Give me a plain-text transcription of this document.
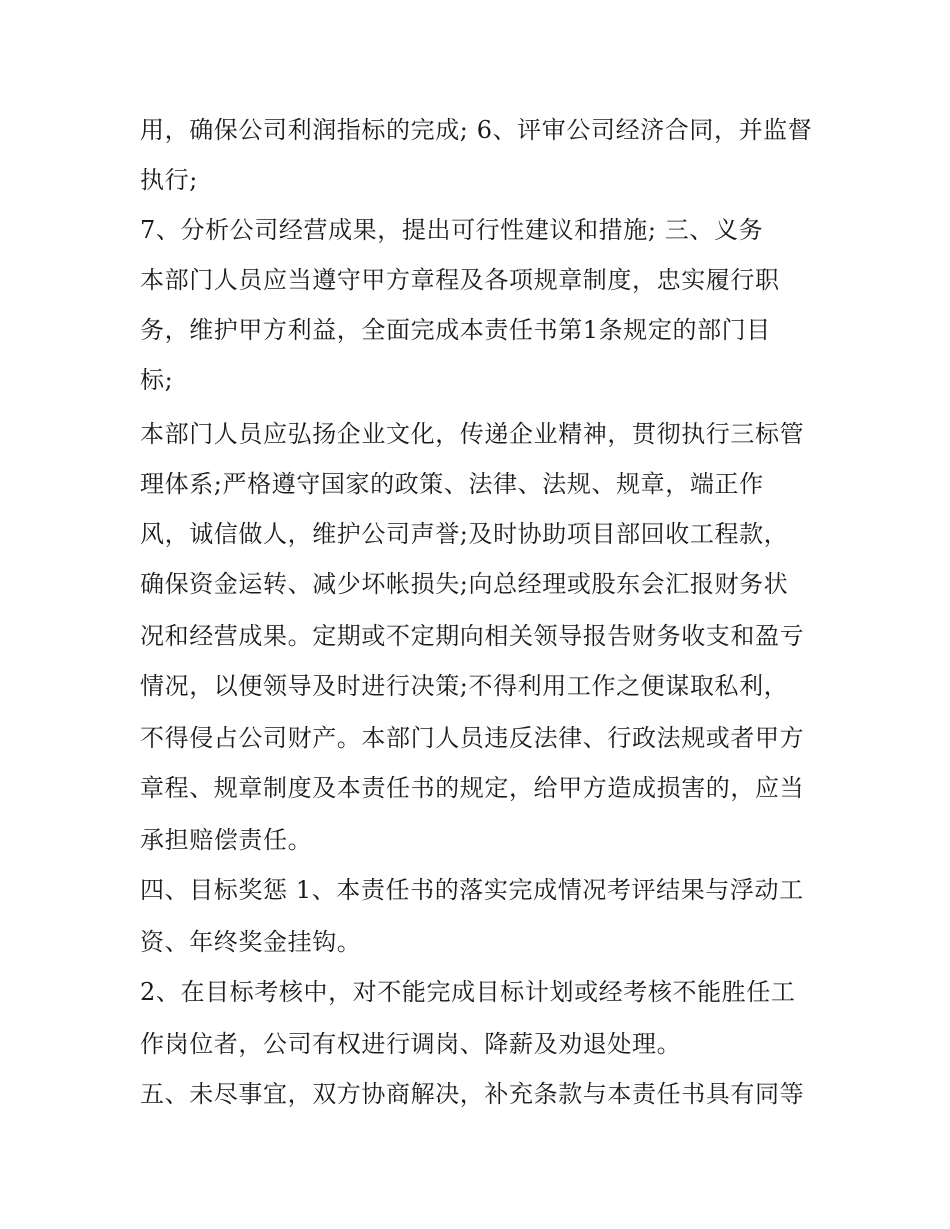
用，确保公司利润指标的完成; 6、评审公司经济合同，并监督
执行;
7、分析公司经营成果，提出可行性建议和措施; 三、义务
本部门人员应当遵守甲方章程及各项规章制度，忠实履行职
务，维护甲方利益，全面完成本责任书第1条规定的部门目
标;
本部门人员应弘扬企业文化，传递企业精神，贯彻执行三标管
理体系;严格遵守国家的政策、法律、法规、规章，端正作
风，诚信做人，维护公司声誉;及时协助项目部回收工程款，
确保资金运转、减少坏帐损失;向总经理或股东会汇报财务状
况和经营成果。定期或不定期向相关领导报告财务收支和盈亏
情况，以便领导及时进行决策;不得利用工作之便谋取私利，
不得侵占公司财产。本部门人员违反法律、行政法规或者甲方
章程、规章制度及本责任书的规定，给甲方造成损害的，应当
承担赔偿责任。
四、目标奖惩 1、本责任书的落实完成情况考评结果与浮动工
资、年终奖金挂钩。
2、在目标考核中，对不能完成目标计划或经考核不能胜任工
作岗位者，公司有权进行调岗、降薪及劝退处理。
五、未尽事宜，双方协商解决，补充条款与本责任书具有同等
